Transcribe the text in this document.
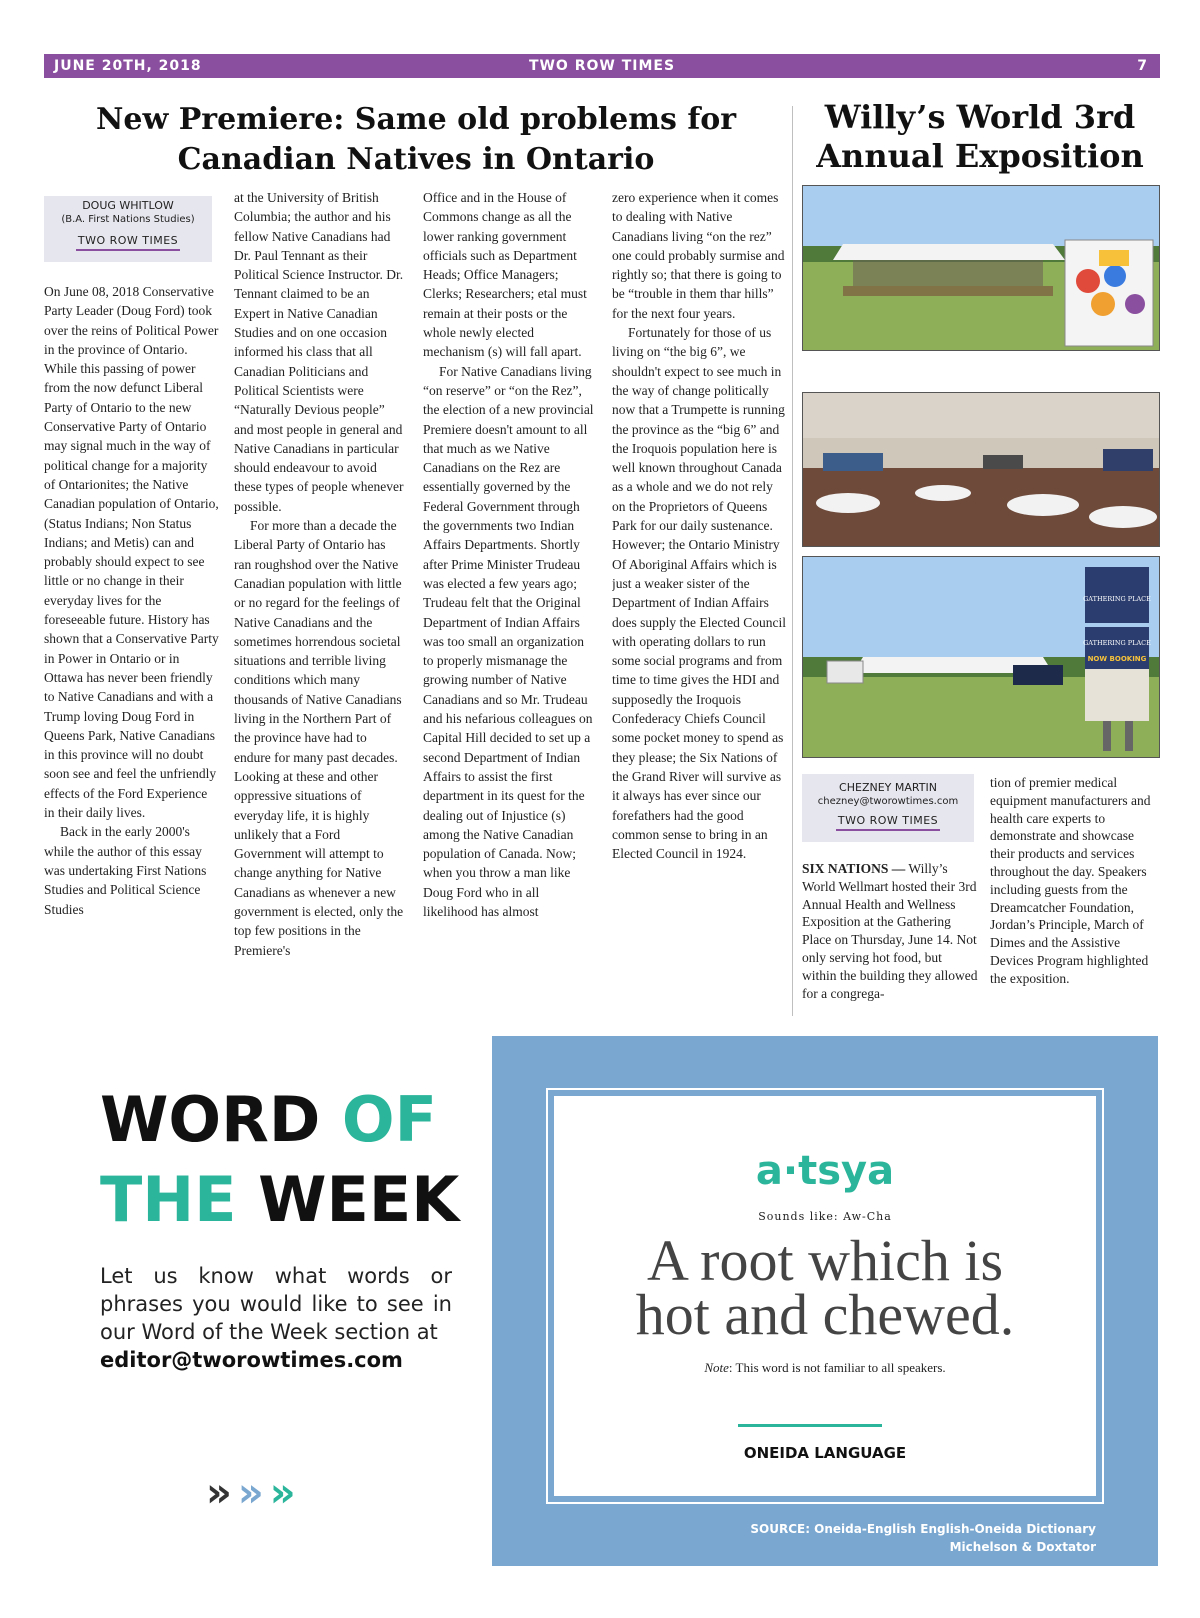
JUNE 20TH, 2018	TWO ROW TIMES	7
New Premiere: Same old problems for
Canadian Natives in Ontario
Willy’s World 3rd
Annual Exposition
DOUG WHITLOW
(B.A. First Nations Studies)
TWO ROW TIMES

On June 08, 2018 Conservative Party Leader (Doug Ford) took over the reins of Political Power in the province of Ontario. While this passing of power from the now defunct Liberal Party of Ontario to the new Conservative Party of Ontario may signal much in the way of political change for a majority of Ontarionites; the Native Canadian population of Ontario, (Status Indians; Non Status Indians; and Metis) can and probably should expect to see little or no change in their everyday lives for the foreseeable future. History has shown that a Conservative Party in Power in Ontario or in Ottawa has never been friendly to Native Canadians and with a Trump loving Doug Ford in Queens Park, Native Canadians in this province will no doubt soon see and feel the unfriendly effects of the Ford Experience in their daily lives.

Back in the early 2000's while the author of this essay was undertaking First Nations Studies and Political Science Studies

at the University of British Columbia; the author and his fellow Native Canadians had Dr. Paul Tennant as their Political Science Instructor. Dr. Tennant claimed to be an Expert in Native Canadian Studies and on one occasion informed his class that all Canadian Politicians and Political Scientists were “Naturally Devious people” and most people in general and Native Canadians in particular should endeavour to avoid these types of people whenever possible.

For more than a decade the Liberal Party of Ontario has ran roughshod over the Native Canadian population with little or no regard for the feelings of Native Canadians and the sometimes horrendous societal situations and terrible living conditions which many thousands of Native Canadians living in the Northern Part of the province have had to endure for many past decades. Looking at these and other oppressive situations of everyday life, it is highly unlikely that a Ford Government will attempt to change anything for Native Canadians as whenever a new government is elected, only the top few positions in the Premiere's

Office and in the House of Commons change as all the lower ranking government officials such as Department Heads; Office Managers; Clerks; Researchers; etal must remain at their posts or the whole newly elected mechanism (s) will fall apart.

For Native Canadians living “on reserve” or “on the Rez”, the election of a new provincial Premiere doesn't amount to all that much as we Native Canadians on the Rez are essentially governed by the Federal Government through the governments two Indian Affairs Departments. Shortly after Prime Minister Trudeau was elected a few years ago; Trudeau felt that the Original Department of Indian Affairs was too small an organization to properly mismanage the growing number of Native Canadians and so Mr. Trudeau and his nefarious colleagues on Capital Hill decided to set up a second Department of Indian Affairs to assist the first department in its quest for the dealing out of Injustice (s) among the Native Canadian population of Canada. Now; when you throw a man like Doug Ford who in all likelihood has almost

zero experience when it comes to dealing with Native Canadians living “on the rez” one could probably surmise and rightly so; that there is going to be “trouble in them thar hills” for the next four years.

Fortunately for those of us living on “the big 6”, we shouldn't expect to see much in the way of change politically now that a Trumpette is running the province as the “big 6” and the Iroquois population here is well known throughout Canada as a whole and we do not rely on the Proprietors of Queens Park for our daily sustenance. However; the Ontario Ministry Of Aboriginal Affairs which is just a weaker sister of the Department of Indian Affairs does supply the Elected Council with operating dollars to run some social programs and from time to time gives the HDI and supposedly the Iroquois Confederacy Chiefs Council some pocket money to spend as they please; the Six Nations of the Grand River will survive as it always has ever since our forefathers had the good common sense to bring in an Elected Council in 1924.

GATHERING PLACE
GATHERING PLACE
NOW BOOKING
CHEZNEY MARTIN
chezney@tworowtimes.com
TWO ROW TIMES

SIX NATIONS — Willy’s World Wellmart hosted their 3rd Annual Health and Wellness Exposition at the Gathering Place on Thursday, June 14. Not only serving hot food, but within the building they allowed for a congrega-

tion of premier medical equipment manufacturers and health care experts to demonstrate and showcase their products and services throughout the day. Speakers including guests from the Dreamcatcher Foundation, Jordan’s Principle, March of Dimes and the Assistive Devices Program highlighted the exposition.

WORD OF
THE WEEK
Let us know what words or phrases you would like to see in our Word of the Week section at
editor@tworowtimes.com
»»»
a·tsya
Sounds like: Aw-Cha
A root which is
hot and chewed.
Note: This word is not familiar to all speakers.
ONEIDA LANGUAGE
SOURCE: Oneida-English English-Oneida Dictionary
Michelson & Doxtator
